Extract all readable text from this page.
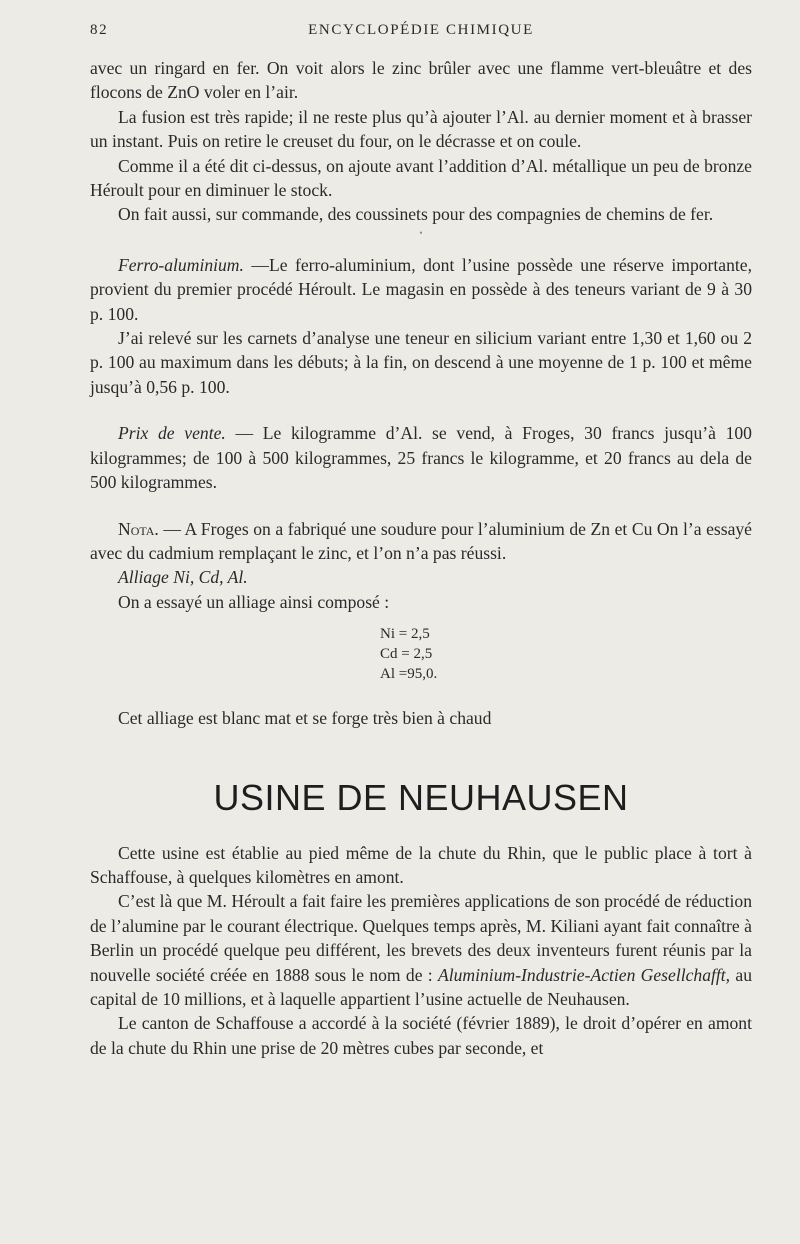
82	ENCYCLOPÉDIE CHIMIQUE

avec un ringard en fer. On voit alors le zinc brûler avec une flamme vert-bleuâtre et des flocons de ZnO voler en l’air.

La fusion est très rapide; il ne reste plus qu’à ajouter l’Al. au dernier moment et à brasser un instant. Puis on retire le creuset du four, on le décrasse et on coule.

Comme il a été dit ci-dessus, on ajoute avant l’addition d’Al. métallique un peu de bronze Héroult pour en diminuer le stock.

On fait aussi, sur commande, des coussinets pour des compagnies de chemins de fer.

•

Ferro-aluminium. —Le ferro-aluminium, dont l’usine possède une réserve importante, provient du premier procédé Héroult. Le magasin en possède à des teneurs variant de 9 à 30 p. 100.

J’ai relevé sur les carnets d’analyse une teneur en silicium variant entre 1,30 et 1,60 ou 2 p. 100 au maximum dans les débuts; à la fin, on descend à une moyenne de 1 p. 100 et même jusqu’à 0,56 p. 100.

Prix de vente. — Le kilogramme d’Al. se vend, à Froges, 30 francs jusqu’à 100 kilogrammes; de 100 à 500 kilogrammes, 25 francs le kilogramme, et 20 francs au dela de 500 kilogrammes.

Nota. — A Froges on a fabriqué une soudure pour l’aluminium de Zn et Cu On l’a essayé avec du cadmium remplaçant le zinc, et l’on n’a pas réussi.

Alliage Ni, Cd, Al.

On a essayé un alliage ainsi composé :

Ni = 2,5
Cd = 2,5
Al =95,0.

Cet alliage est blanc mat et se forge très bien à chaud

USINE DE NEUHAUSEN

Cette usine est établie au pied même de la chute du Rhin, que le public place à tort à Schaffouse, à quelques kilomètres en amont.

C’est là que M. Héroult a fait faire les premières applications de son procédé de réduction de l’alumine par le courant électrique. Quelques temps après, M. Kiliani ayant fait connaître à Berlin un procédé quelque peu différent, les brevets des deux inventeurs furent réunis par la nouvelle société créée en 1888 sous le nom de : Aluminium-Industrie-Actien Gesellchafft, au capital de 10 millions, et à laquelle appartient l’usine actuelle de Neuhausen.

Le canton de Schaffouse a accordé à la société (février 1889), le droit d’opérer en amont de la chute du Rhin une prise de 20 mètres cubes par seconde, et
